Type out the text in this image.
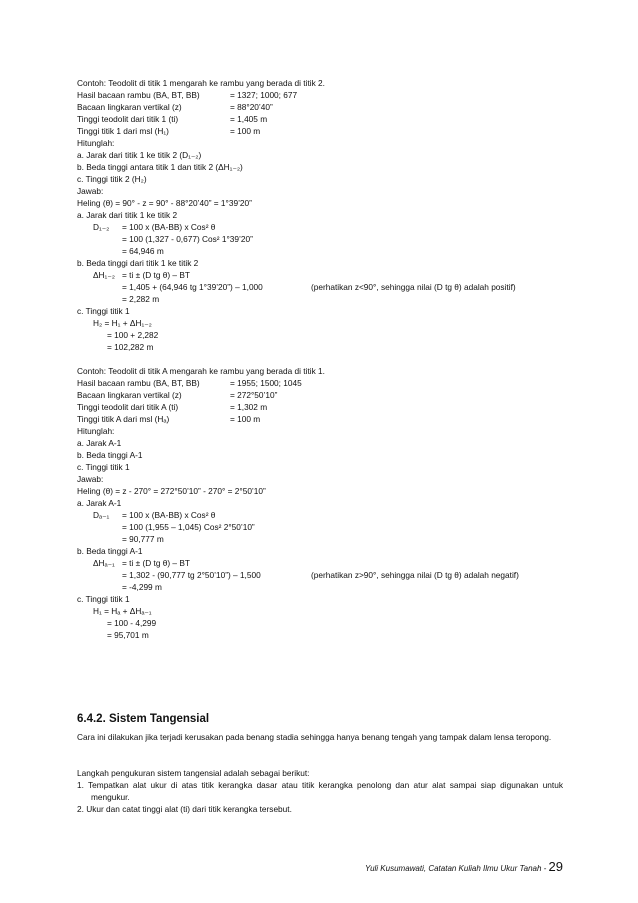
Contoh: Teodolit di titik 1 mengarah ke rambu yang berada di titik 2.
Hasil bacaan rambu (BA, BT, BB)	= 1327; 1000; 677
Bacaan lingkaran vertikal (z)	= 88°20’40”
Tinggi teodolit dari titik 1 (ti)	= 1,405 m
Tinggi titik 1 dari msl (H₁)	= 100 m
Hitunglah:
a. Jarak dari titik 1 ke titik 2 (D₁₋₂)
b. Beda tinggi antara titik 1 dan titik 2 (ΔH₁₋₂)
c. Tinggi titik 2 (H₂)
Jawab:
Heling (θ) = 90° - z = 90° - 88°20’40” = 1°39’20”
a. Jarak dari titik 1 ke titik 2
D₁₋₂ = 100 x (BA-BB) x Cos² θ
= 100 (1,327 - 0,677) Cos² 1°39’20”
= 64,946 m
b. Beda tinggi dari titik 1 ke titik 2
ΔH₁₋₂ = ti ± (D tg θ) – BT
= 1,405 + (64,946 tg 1°39’20”) – 1,000	(perhatikan z<90°, sehingga nilai (D tg θ) adalah positif)
= 2,282 m
c. Tinggi titik 1
H₂ = H₁ + ΔH₁₋₂
= 100 + 2,282
= 102,282 m
Contoh: Teodolit di titik A mengarah ke rambu yang berada di titik 1.
Hasil bacaan rambu (BA, BT, BB)	= 1955; 1500; 1045
Bacaan lingkaran vertikal (z)	= 272°50’10”
Tinggi teodolit dari titik A (ti)	= 1,302 m
Tinggi titik A dari msl (Hₐ)	= 100 m
Hitunglah:
a. Jarak A-1
b. Beda tinggi A-1
c. Tinggi titik 1
Jawab:
Heling (θ) = z - 270° = 272°50’10” - 270° = 2°50’10”
a. Jarak A-1
Dₐ₋₁ = 100 x (BA-BB) x Cos² θ
= 100 (1,955 – 1,045) Cos² 2°50’10”
= 90,777 m
b. Beda tinggi A-1
ΔHₐ₋₁ = ti ± (D tg θ) – BT
= 1,302 - (90,777 tg 2°50’10”) – 1,500	(perhatikan z>90°, sehingga nilai (D tg θ) adalah negatif)
= -4,299 m
c. Tinggi titik 1
H₁ = Hₐ + ΔHₐ₋₁
= 100 - 4,299
= 95,701 m
6.4.2. Sistem Tangensial
Cara ini dilakukan jika terjadi kerusakan pada benang stadia sehingga hanya benang tengah yang tampak dalam lensa teropong.
Langkah pengukuran sistem tangensial adalah sebagai berikut:
1. Tempatkan alat ukur di atas titik kerangka dasar atau titik kerangka penolong dan atur alat sampai siap digunakan untuk mengukur.
2. Ukur dan catat tinggi alat (ti) dari titik kerangka tersebut.
Yuli Kusumawati, Catatan Kuliah Ilmu Ukur Tanah - 29
